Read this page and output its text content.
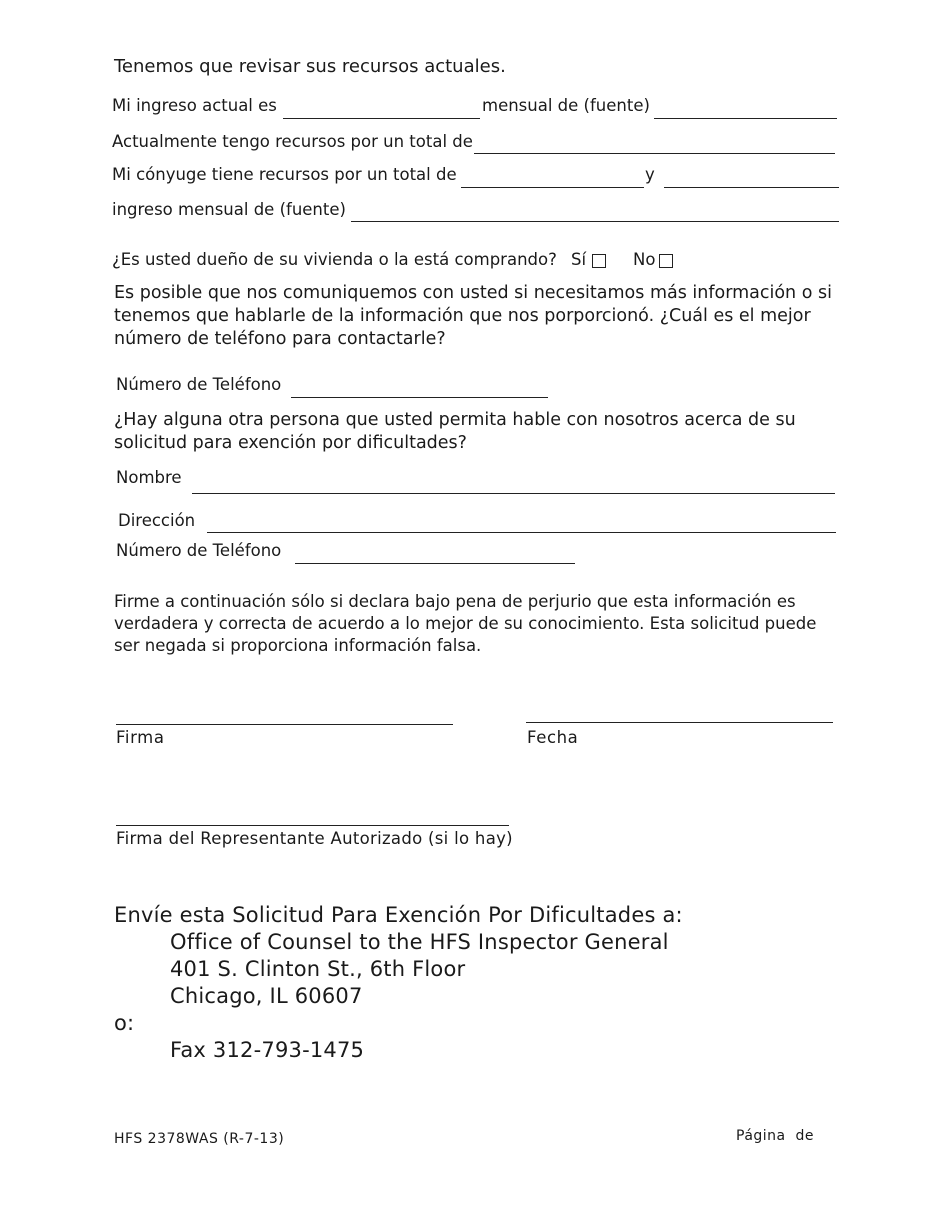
Tenemos que revisar sus recursos actuales.
Mi ingreso actual es	mensual de (fuente)
Actualmente tengo recursos por un total de
Mi cónyuge tiene recursos por un total de	y
ingreso mensual de (fuente)
¿Es usted dueño de su vivienda o la está comprando? Sí	No
Es posible que nos comuniquemos con usted si necesitamos más información o si tenemos que hablarle de la información que nos porporcionó. ¿Cuál es el mejor número de teléfono para contactarle?
Número de Teléfono
¿Hay alguna otra persona que usted permita hable con nosotros acerca de su solicitud para exención por dificultades?
Nombre
Dirección
Número de Teléfono
Firme a continuación sólo si declara bajo pena de perjurio que esta información es verdadera y correcta de acuerdo a lo mejor de su conocimiento. Esta solicitud puede ser negada si proporciona información falsa.
Firma	Fecha
Firma del Representante Autorizado (si lo hay)
Envíe esta Solicitud Para Exención Por Dificultades a:
Office of Counsel to the HFS Inspector General
401 S. Clinton St., 6th Floor
Chicago, IL 60607
o:
Fax 312-793-1475
HFS 2378WAS (R-7-13)	Página  de
